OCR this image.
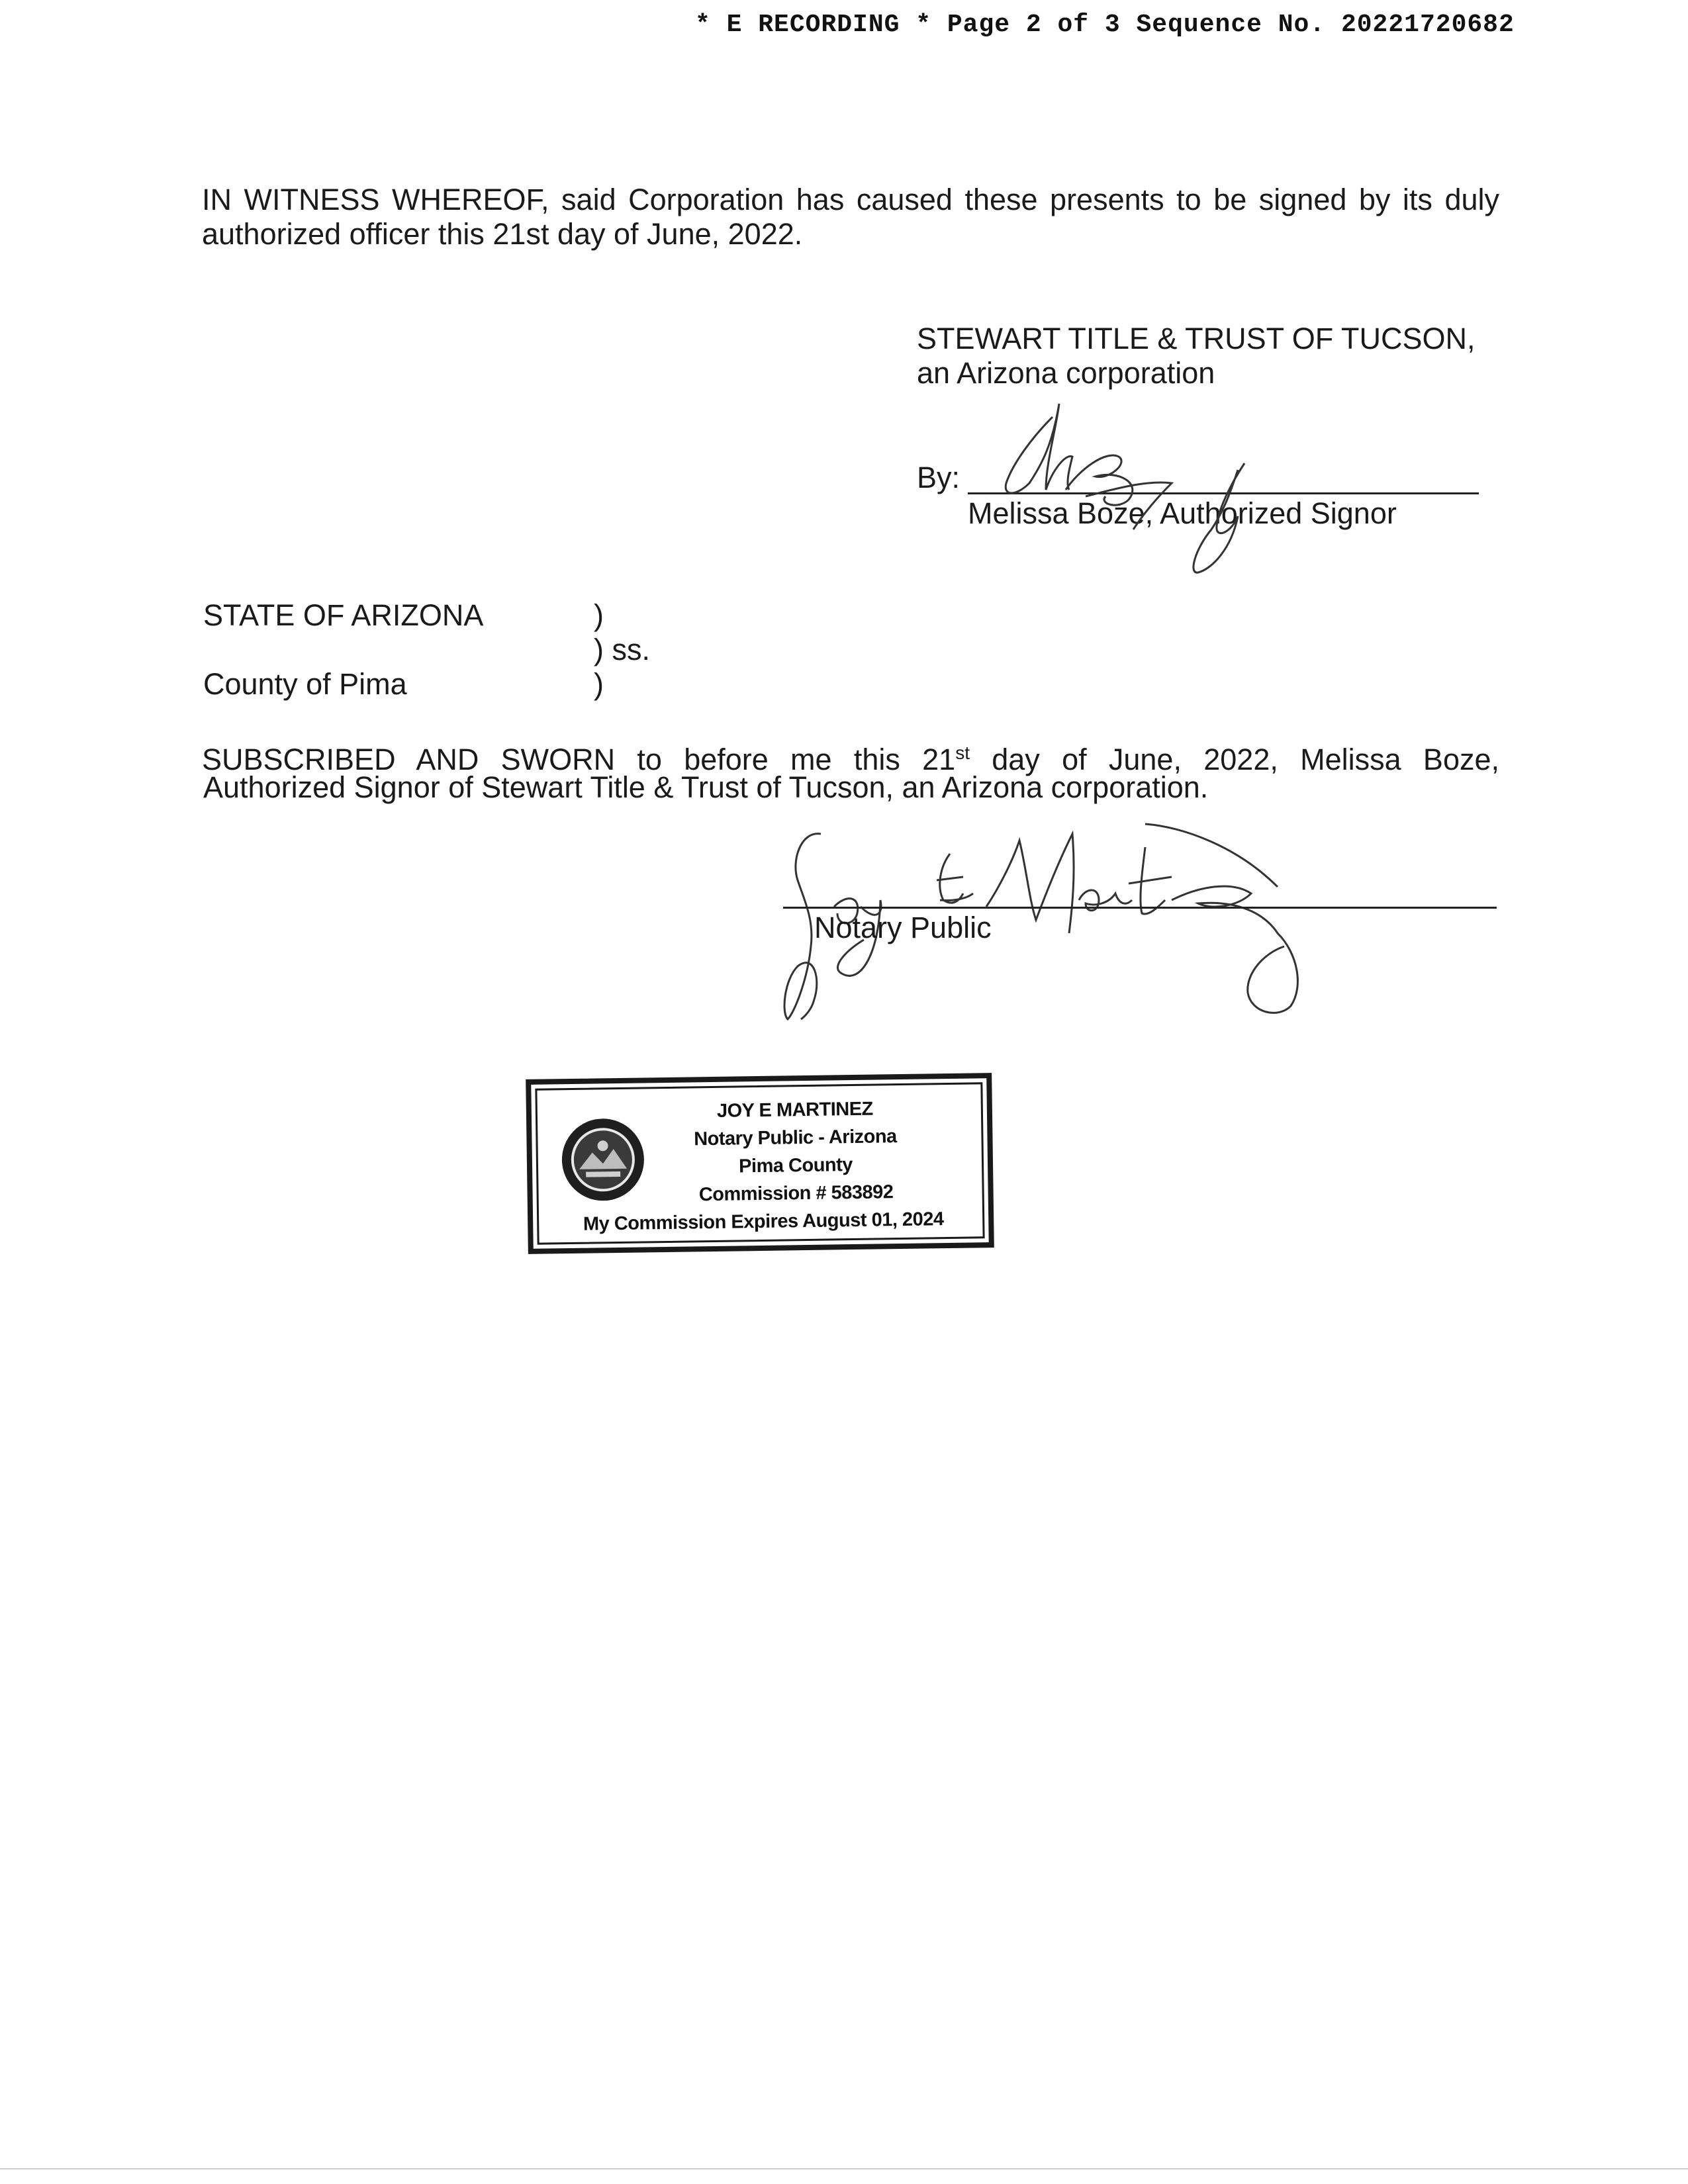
* E RECORDING * Page 2 of 3 Sequence No. 20221720682
IN WITNESS WHEREOF, said Corporation has caused these presents to be signed by its duly authorized officer this 21st day of June, 2022.
STEWART TITLE & TRUST OF TUCSON,
an Arizona corporation
By:
Melissa Boze, Authorized Signor
STATE OF ARIZONA
County of Pima
)
) ss.
)
SUBSCRIBED AND SWORN to before me this 21st day of June, 2022, Melissa Boze,
Authorized Signor of Stewart Title & Trust of Tucson, an Arizona corporation.
Notary Public
JOY E MARTINEZ
Notary Public - Arizona
Pima County
Commission # 583892
My Commission Expires August 01, 2024
